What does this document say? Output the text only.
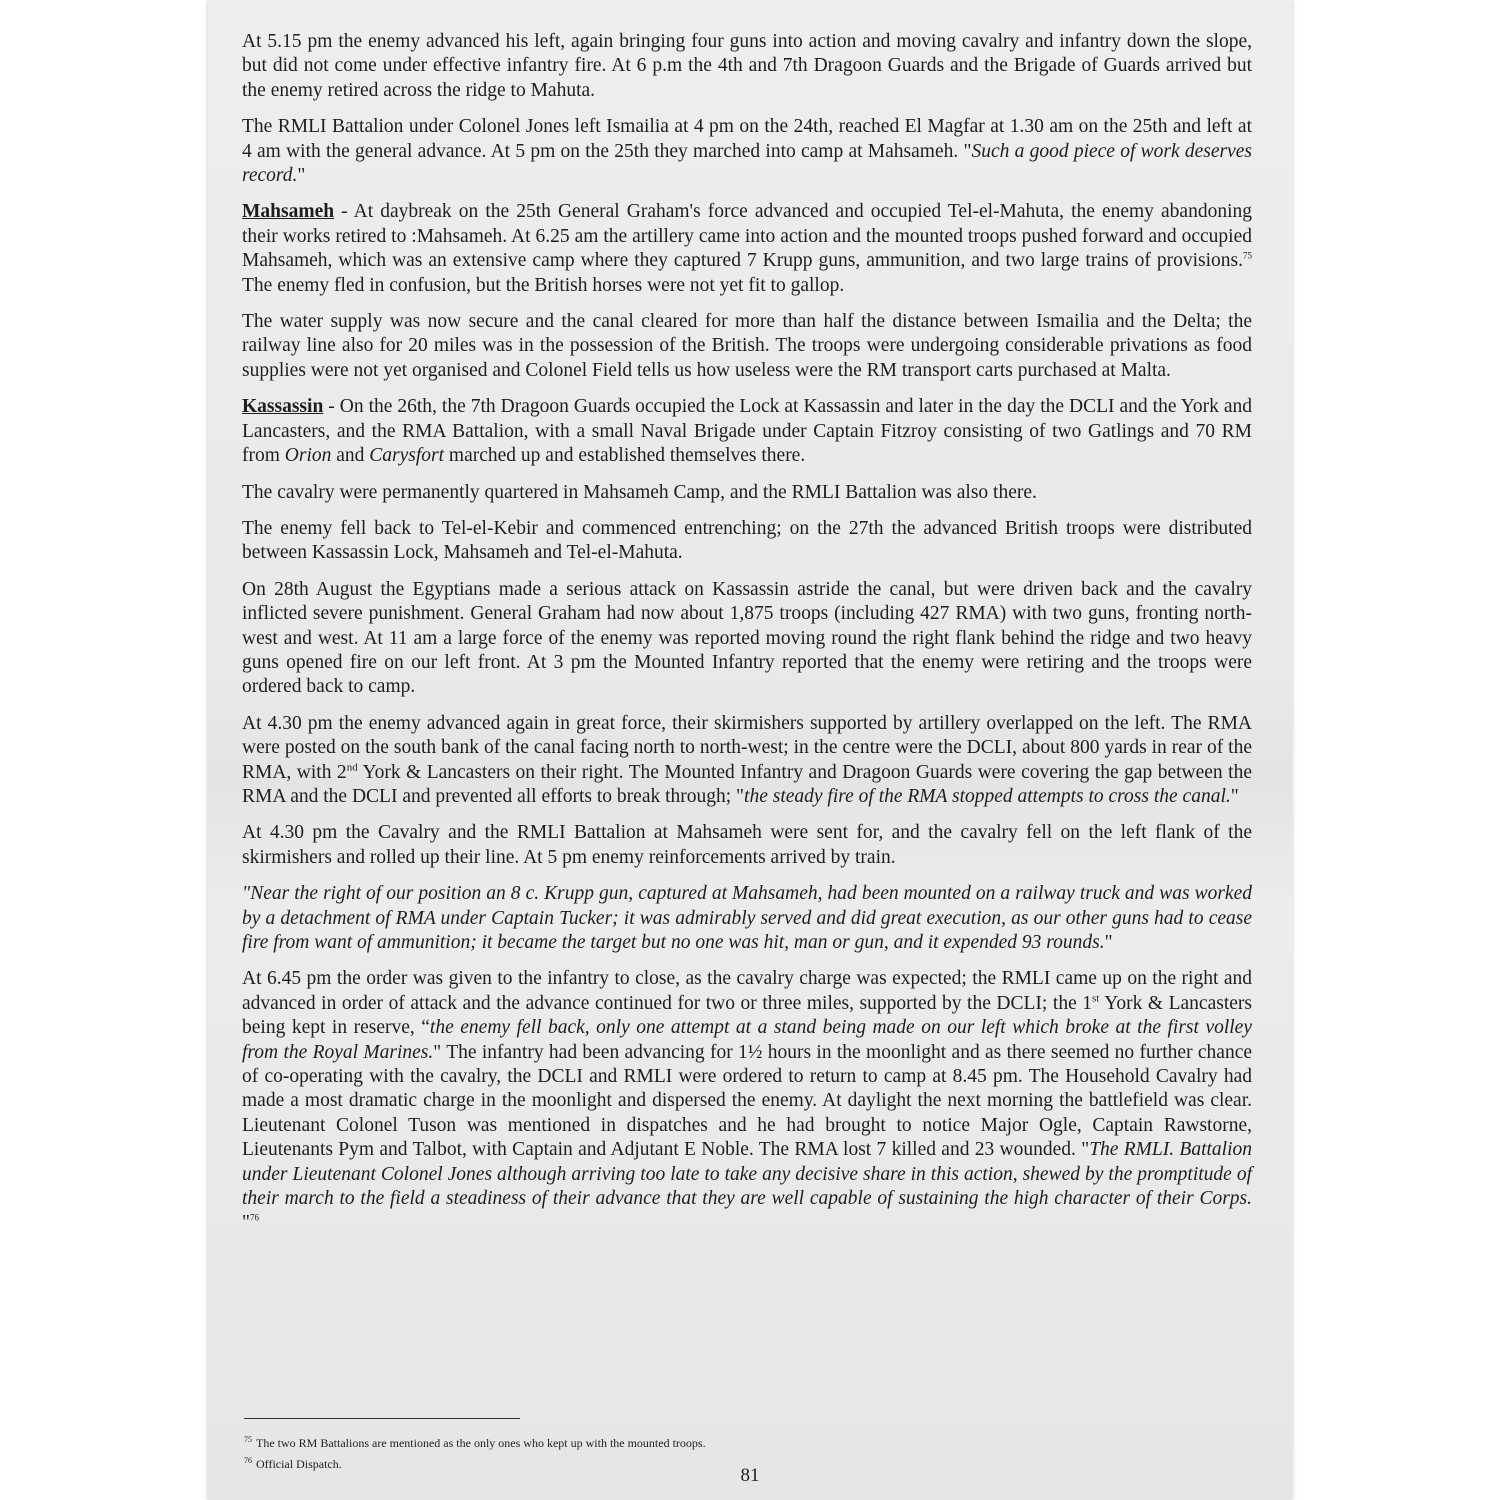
At 5.15 pm the enemy advanced his left, again bringing four guns into action and moving cavalry and infantry down the slope, but did not come under effective infantry fire. At 6 p.m the 4th and 7th Dragoon Guards and the Brigade of Guards arrived but the enemy retired across the ridge to Mahuta.

The RMLI Battalion under Colonel Jones left Ismailia at 4 pm on the 24th, reached El Magfar at 1.30 am on the 25th and left at 4 am with the general advance. At 5 pm on the 25th they marched into camp at Mahsameh. "Such a good piece of work deserves record."

Mahsameh - At daybreak on the 25th General Graham's force advanced and occupied Tel-el-Mahuta, the enemy abandoning their works retired to :Mahsameh. At 6.25 am the artillery came into action and the mounted troops pushed forward and occupied Mahsameh, which was an extensive camp where they captured 7 Krupp guns, ammunition, and two large trains of provisions.$^{75}$ The enemy fled in confusion, but the British horses were not yet fit to gallop.

The water supply was now secure and the canal cleared for more than half the distance between Ismailia and the Delta; the railway line also for 20 miles was in the possession of the British. The troops were undergoing considerable privations as food supplies were not yet organised and Colonel Field tells us how useless were the RM transport carts purchased at Malta.

Kassassin - On the 26th, the 7th Dragoon Guards occupied the Lock at Kassassin and later in the day the DCLI and the York and Lancasters, and the RMA Battalion, with a small Naval Brigade under Captain Fitzroy consisting of two Gatlings and 70 RM from Orion and Carysfort marched up and established themselves there.

The cavalry were permanently quartered in Mahsameh Camp, and the RMLI Battalion was also there.

The enemy fell back to Tel-el-Kebir and commenced entrenching; on the 27th the advanced British troops were distributed between Kassassin Lock, Mahsameh and Tel-el-Mahuta.

On 28th August the Egyptians made a serious attack on Kassassin astride the canal, but were driven back and the cavalry inflicted severe punishment. General Graham had now about 1,875 troops (including 427 RMA) with two guns, fronting north-west and west. At 11 am a large force of the enemy was reported moving round the right flank behind the ridge and two heavy guns opened fire on our left front. At 3 pm the Mounted Infantry reported that the enemy were retiring and the troops were ordered back to camp.

At 4.30 pm the enemy advanced again in great force, their skirmishers supported by artillery overlapped on the left. The RMA were posted on the south bank of the canal facing north to north-west; in the centre were the DCLI, about 800 yards in rear of the RMA, with 2nd York & Lancasters on their right. The Mounted Infantry and Dragoon Guards were covering the gap between the RMA and the DCLI and prevented all efforts to break through; "the steady fire of the RMA stopped attempts to cross the canal."

At 4.30 pm the Cavalry and the RMLI Battalion at Mahsameh were sent for, and the cavalry fell on the left flank of the skirmishers and rolled up their line. At 5 pm enemy reinforcements arrived by train.

"Near the right of our position an 8 c. Krupp gun, captured at Mahsameh, had been mounted on a railway truck and was worked by a detachment of RMA under Captain Tucker; it was admirably served and did great execution, as our other guns had to cease fire from want of ammunition; it became the target but no one was hit, man or gun, and it expended 93 rounds."

At 6.45 pm the order was given to the infantry to close, as the cavalry charge was expected; the RMLI came up on the right and advanced in order of attack and the advance continued for two or three miles, supported by the DCLI; the 1st York & Lancasters being kept in reserve, “the enemy fell back, only one attempt at a stand being made on our left which broke at the first volley from the Royal Marines." The infantry had been advancing for 1½ hours in the moonlight and as there seemed no further chance of co-operating with the cavalry, the DCLI and RMLI were ordered to return to camp at 8.45 pm. The Household Cavalry had made a most dramatic charge in the moonlight and dispersed the enemy. At daylight the next morning the battlefield was clear. Lieutenant Colonel Tuson was mentioned in dispatches and he had brought to notice Major Ogle, Captain Rawstorne, Lieutenants Pym and Talbot, with Captain and Adjutant E Noble. The RMA lost 7 killed and 23 wounded. "The RMLI. Battalion under Lieutenant Colonel Jones although arriving too late to take any decisive share in this action, shewed by the promptitude of their march to the field a steadiness of their advance that they are well capable of sustaining the high character of their Corps. "$^{76}$

$^{75}$ The two RM Battalions are mentioned as the only ones who kept up with the mounted troops.
$^{76}$ Official Dispatch.
81
